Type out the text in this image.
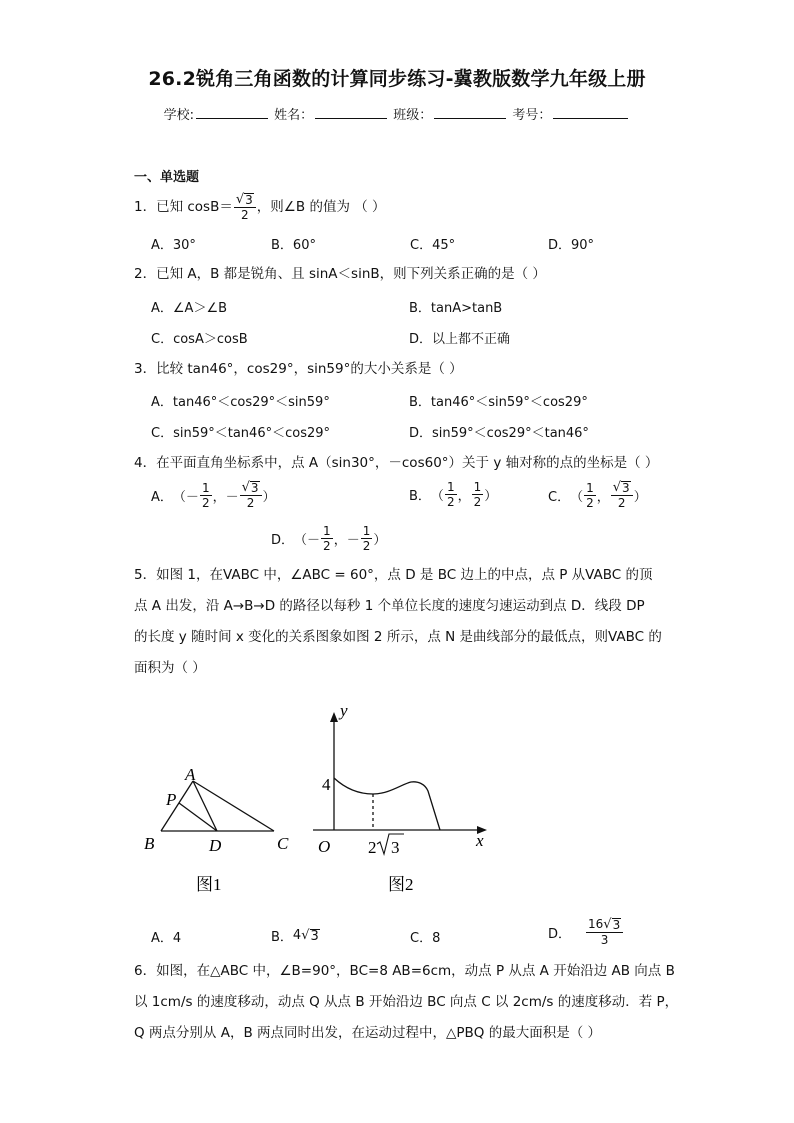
26.2锐角三角函数的计算同步练习-冀教版数学九年级上册
学校:	姓名：	班级：	考号：
一、单选题
1．已知 $\cos B= \frac{√ 3}{2}$ ，则∠B 的值为 （ ）
A．30°	B．60°	C．45°	D．90°
2．已知 A，B 都是锐角、且 sinA＜sinB，则下列关系正确的是（ ）
A．∠A＞∠B	B．tanA>tanB
C．cosA＞cosB	D．以上都不正确
3．比较 tan46°，cos29°，sin59°的大小关系是（ ）
A．tan46°＜cos29°＜sin59°	B．tan46°＜sin59°＜cos29°
C．sin59°＜tan46°＜cos29°	D．sin59°＜cos29°＜tan46°
4．在平面直角坐标系中，点 A（sin30°，－cos60°）关于 y 轴对称的点的坐标是（ ）
A． （ － $\frac{1}{2}$ ， － $\frac{√ 3}{2}$ ）	B． （ $\frac{1}{2}$ ， $\frac{1}{2}$ ）	C． （ $\frac{1}{2}$ ， $\frac{√ 3}{2}$ ）
D． （ － $\frac{1}{2}$ ， － $\frac{1}{2}$ ）
5．如图 1，在VABC 中，∠ABC = 60°，点 D 是 BC 边上的中点，点 P 从VABC 的顶点 A 出发，沿 A→B→D 的路径以每秒 1 个单位长度的速度匀速运动到点 D．线段 DP 的长度 y 随时间 x 变化的关系图象如图 2 所示，点 N 是曲线部分的最低点，则VABC 的面积为（ ）
A
P
B	D	C
图1
y
x
O
4
2 3
图2
A．4	B． 4 √ 3	C．8	D． $\frac{16 √ 3}{3}$
6．如图，在△ABC 中，∠B=90°，BC=8 AB=6cm，动点 P 从点 A 开始沿边 AB 向点 B 以 1cm/s 的速度移动，动点 Q 从点 B 开始沿边 BC 向点 C 以 2cm/s 的速度移动．若 P，Q 两点分别从 A，B 两点同时出发，在运动过程中，△PBQ 的最大面积是（ ）
